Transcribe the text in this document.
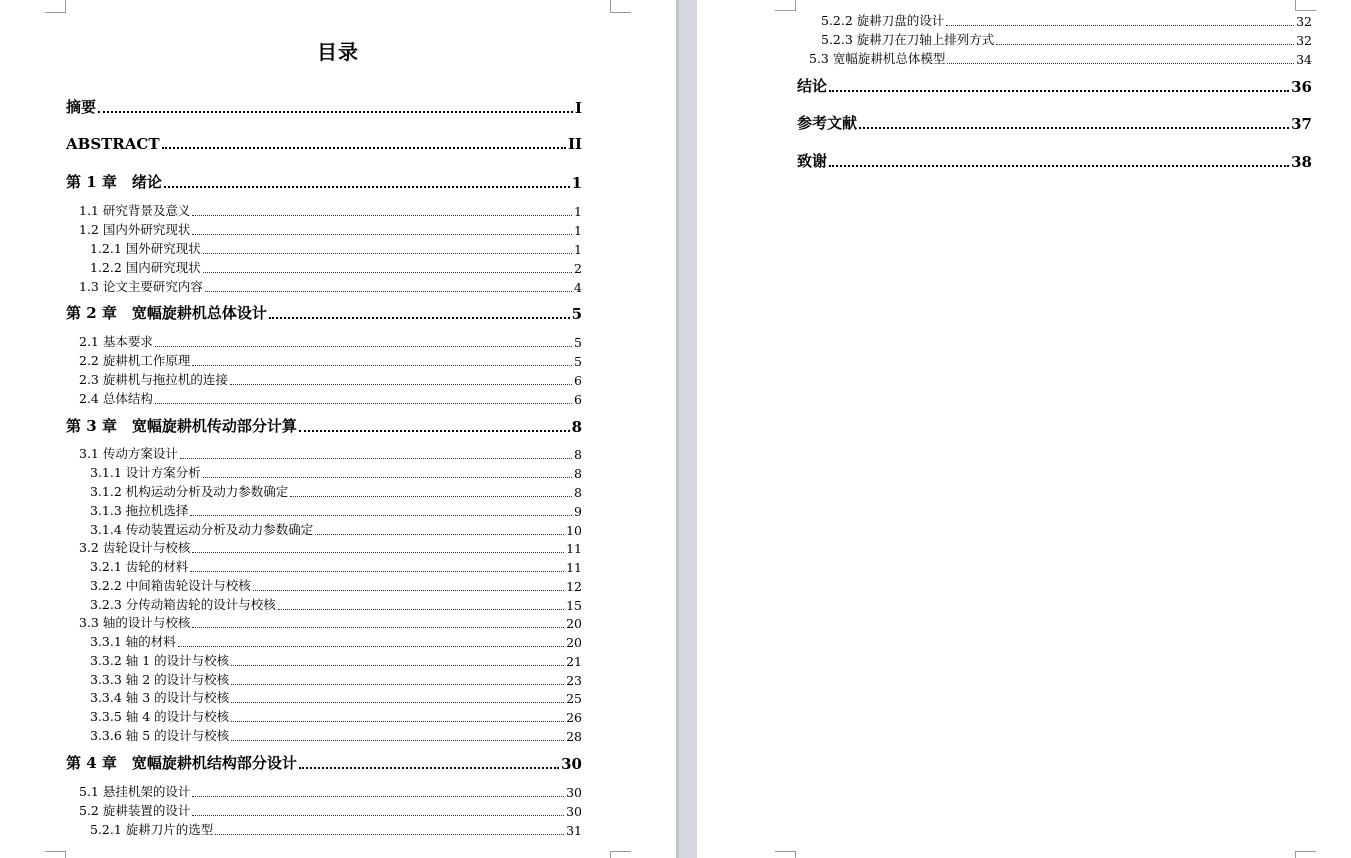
目录
摘要	I
ABSTRACT	II
第 1 章　绪论	1
1.1 研究背景及意义	1
1.2 国内外研究现状	1
1.2.1 国外研究现状	1
1.2.2 国内研究现状	2
1.3 论文主要研究内容	4
第 2 章　宽幅旋耕机总体设计	5
2.1 基本要求	5
2.2 旋耕机工作原理	5
2.3 旋耕机与拖拉机的连接	6
2.4 总体结构	6
第 3 章　宽幅旋耕机传动部分计算	8
3.1 传动方案设计	8
3.1.1 设计方案分析	8
3.1.2 机构运动分析及动力参数确定	8
3.1.3 拖拉机选择	9
3.1.4 传动装置运动分析及动力参数确定	10
3.2 齿轮设计与校核	11
3.2.1 齿轮的材料	11
3.2.2 中间箱齿轮设计与校核	12
3.2.3 分传动箱齿轮的设计与校核	15
3.3 轴的设计与校核	20
3.3.1 轴的材料	20
3.3.2 轴 1 的设计与校核	21
3.3.3 轴 2 的设计与校核	23
3.3.4 轴 3 的设计与校核	25
3.3.5 轴 4 的设计与校核	26
3.3.6 轴 5 的设计与校核	28
第 4 章　宽幅旋耕机结构部分设计	30
5.1 悬挂机架的设计	30
5.2 旋耕装置的设计	30
5.2.1 旋耕刀片的选型	31
5.2.2 旋耕刀盘的设计	32
5.2.3 旋耕刀在刀轴上排列方式	32
5.3 宽幅旋耕机总体模型	34
结论	36
参考文献	37
致谢	38
